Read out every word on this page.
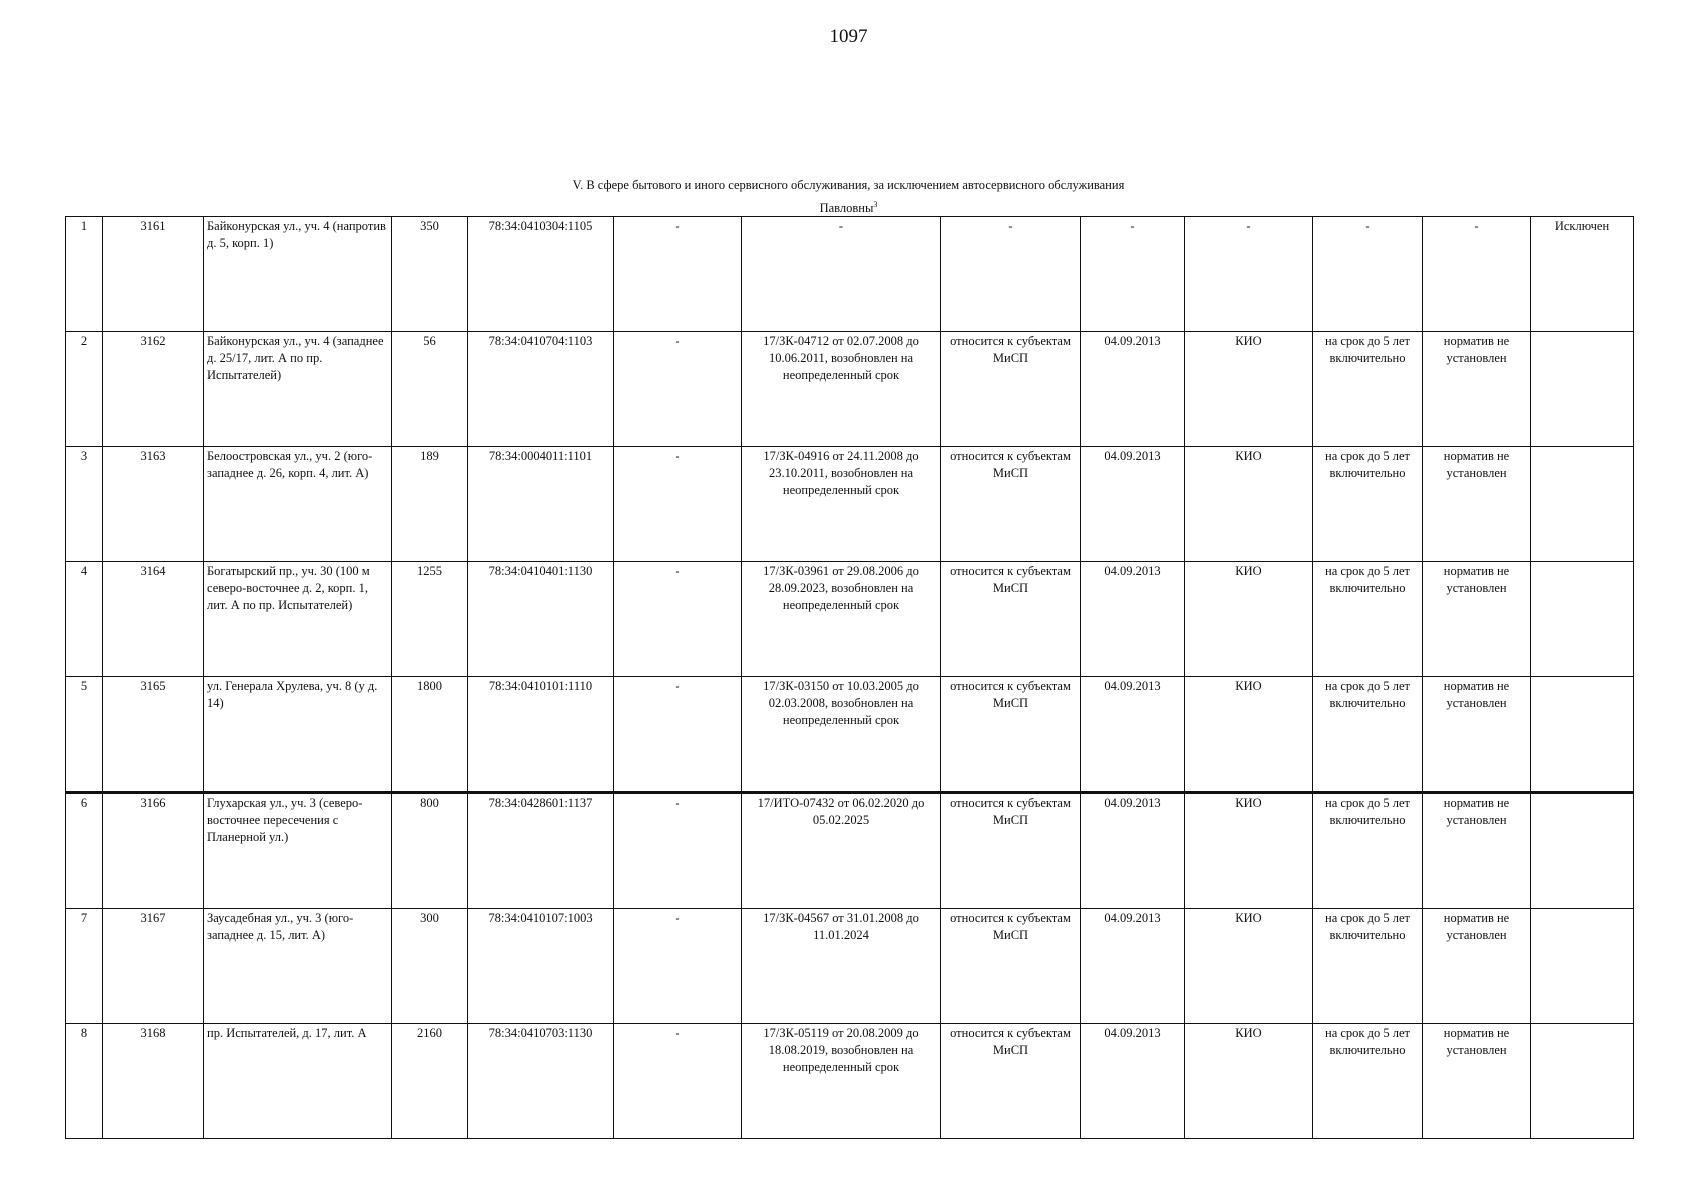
1097
V. В сфере бытового и иного сервисного обслуживания, за исключением автосервисного обслуживания
Павловны$^3$
1	3161	Байконурская ул., уч. 4 (напротив д. 5, корп. 1)	350	78:34:0410304:1105	-	-	-	-	-	-	-	Исключен
2	3162	Байконурская ул., уч. 4 (западнее д. 25/17, лит. А по пр. Испытателей)	56	78:34:0410704:1103	-	17/ЗК-04712 от 02.07.2008 до 10.06.2011, возобновлен на неопределенный срок	относится к субъектам МиСП	04.09.2013	КИО	на срок до 5 лет включительно	норматив не установлен	
3	3163	Белоостровская ул., уч. 2 (юго-западнее д. 26, корп. 4, лит. А)	189	78:34:0004011:1101	-	17/ЗК-04916 от 24.11.2008 до 23.10.2011, возобновлен на неопределенный срок	относится к субъектам МиСП	04.09.2013	КИО	на срок до 5 лет включительно	норматив не установлен	
4	3164	Богатырский пр., уч. 30 (100 м северо-восточнее д. 2, корп. 1, лит. А по пр. Испытателей)	1255	78:34:0410401:1130	-	17/ЗК-03961 от 29.08.2006 до 28.09.2023, возобновлен на неопределенный срок	относится к субъектам МиСП	04.09.2013	КИО	на срок до 5 лет включительно	норматив не установлен	
5	3165	ул. Генерала Хрулева, уч. 8 (у д. 14)	1800	78:34:0410101:1110	-	17/ЗК-03150 от 10.03.2005 до 02.03.2008, возобновлен на неопределенный срок	относится к субъектам МиСП	04.09.2013	КИО	на срок до 5 лет включительно	норматив не установлен	
6	3166	Глухарская ул., уч. 3 (северо-восточнее пересечения с Планерной ул.)	800	78:34:0428601:1137	-	17/ИТО-07432 от 06.02.2020 до 05.02.2025	относится к субъектам МиСП	04.09.2013	КИО	на срок до 5 лет включительно	норматив не установлен	
7	3167	Заусадебная ул., уч. 3 (юго-западнее д. 15, лит. А)	300	78:34:0410107:1003	-	17/ЗК-04567 от 31.01.2008 до 11.01.2024	относится к субъектам МиСП	04.09.2013	КИО	на срок до 5 лет включительно	норматив не установлен	
8	3168	пр. Испытателей, д. 17, лит. А	2160	78:34:0410703:1130	-	17/ЗК-05119 от 20.08.2009 до 18.08.2019, возобновлен на неопределенный срок	относится к субъектам МиСП	04.09.2013	КИО	на срок до 5 лет включительно	норматив не установлен	
